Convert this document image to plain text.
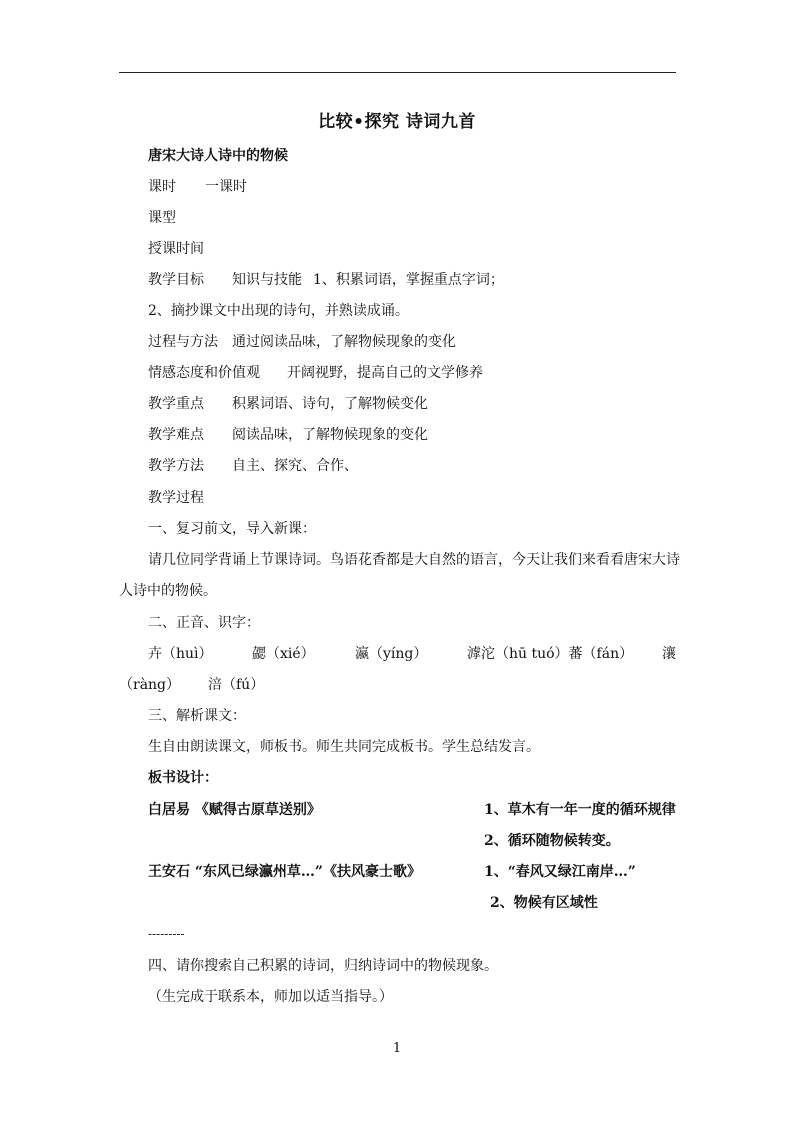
比较•探究 诗词九首
唐宋大诗人诗中的物候
课时 一课时
课型
授课时间
教学目标 知识与技能 1、积累词语，掌握重点字词；
2、摘抄课文中出现的诗句，并熟读成诵。
过程与方法 通过阅读品味，了解物候现象的变化
情感态度和价值观 开阔视野，提高自己的文学修养
教学重点 积累词语、诗句，了解物候变化
教学难点 阅读品味，了解物候现象的变化
教学方法 自主、探究、合作、
教学过程
一、复习前文，导入新课：
请几位同学背诵上节课诗词。鸟语花香都是大自然的语言，今天让我们来看看唐宋大诗
人诗中的物候。
二、正音、识字：
卉（huì）	勰（xié）	瀛（yíng）	滹沱（hū tuó）蕃（fán） 瀼
（ràng） 涪（fú）
三、解析课文：
生自由朗读课文，师板书。师生共同完成板书。学生总结发言。
板书设计：
白居易 《赋得古原草送别》	1、草木有一年一度的循环规律
2、循环随物候转变。
王安石 “东风已绿瀛州草…”《扶风豪士歌》	1、“春风又绿江南岸…”
2、物候有区域性
---------
四、请你搜索自己积累的诗词，归纳诗词中的物候现象。
（生完成于联系本，师加以适当指导。）
1
